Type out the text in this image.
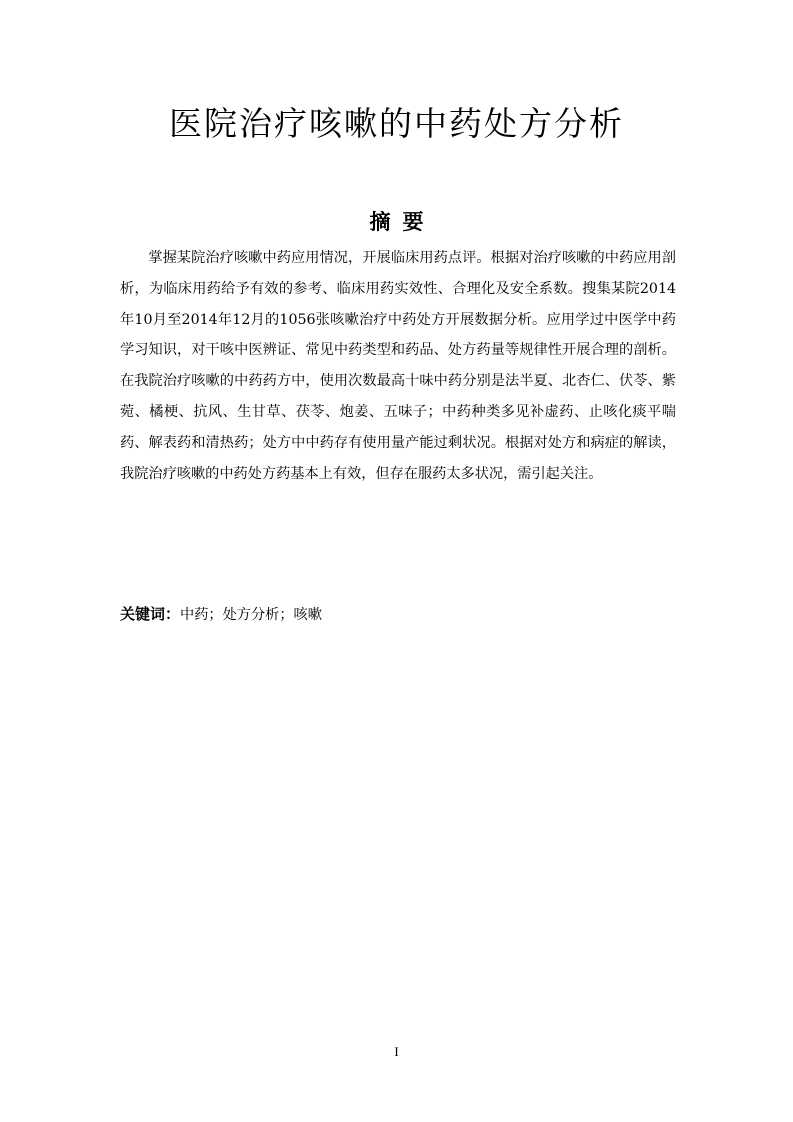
医院治疗咳嗽的中药处方分析
摘要

掌握某院治疗咳嗽中药应用情况，开展临床用药点评。根据对治疗咳嗽的中药应用剖析，为临床用药给予有效的参考、临床用药实效性、合理化及安全系数。搜集某院2014年10月至2014年12月的1056张咳嗽治疗中药处方开展数据分析。应用学过中医学中药学习知识，对干咳中医辨证、常见中药类型和药品、处方药量等规律性开展合理的剖析。在我院治疗咳嗽的中药药方中，使用次数最高十味中药分别是法半夏、北杏仁、伏苓、紫菀、橘梗、抗风、生甘草、茯苓、炮姜、五味子；中药种类多见补虚药、止咳化痰平喘药、解表药和清热药；处方中中药存有使用量产能过剩状况。根据对处方和病症的解读，我院治疗咳嗽的中药处方药基本上有效，但存在服药太多状况，需引起关注。

关键词：中药；处方分析；咳嗽
I
